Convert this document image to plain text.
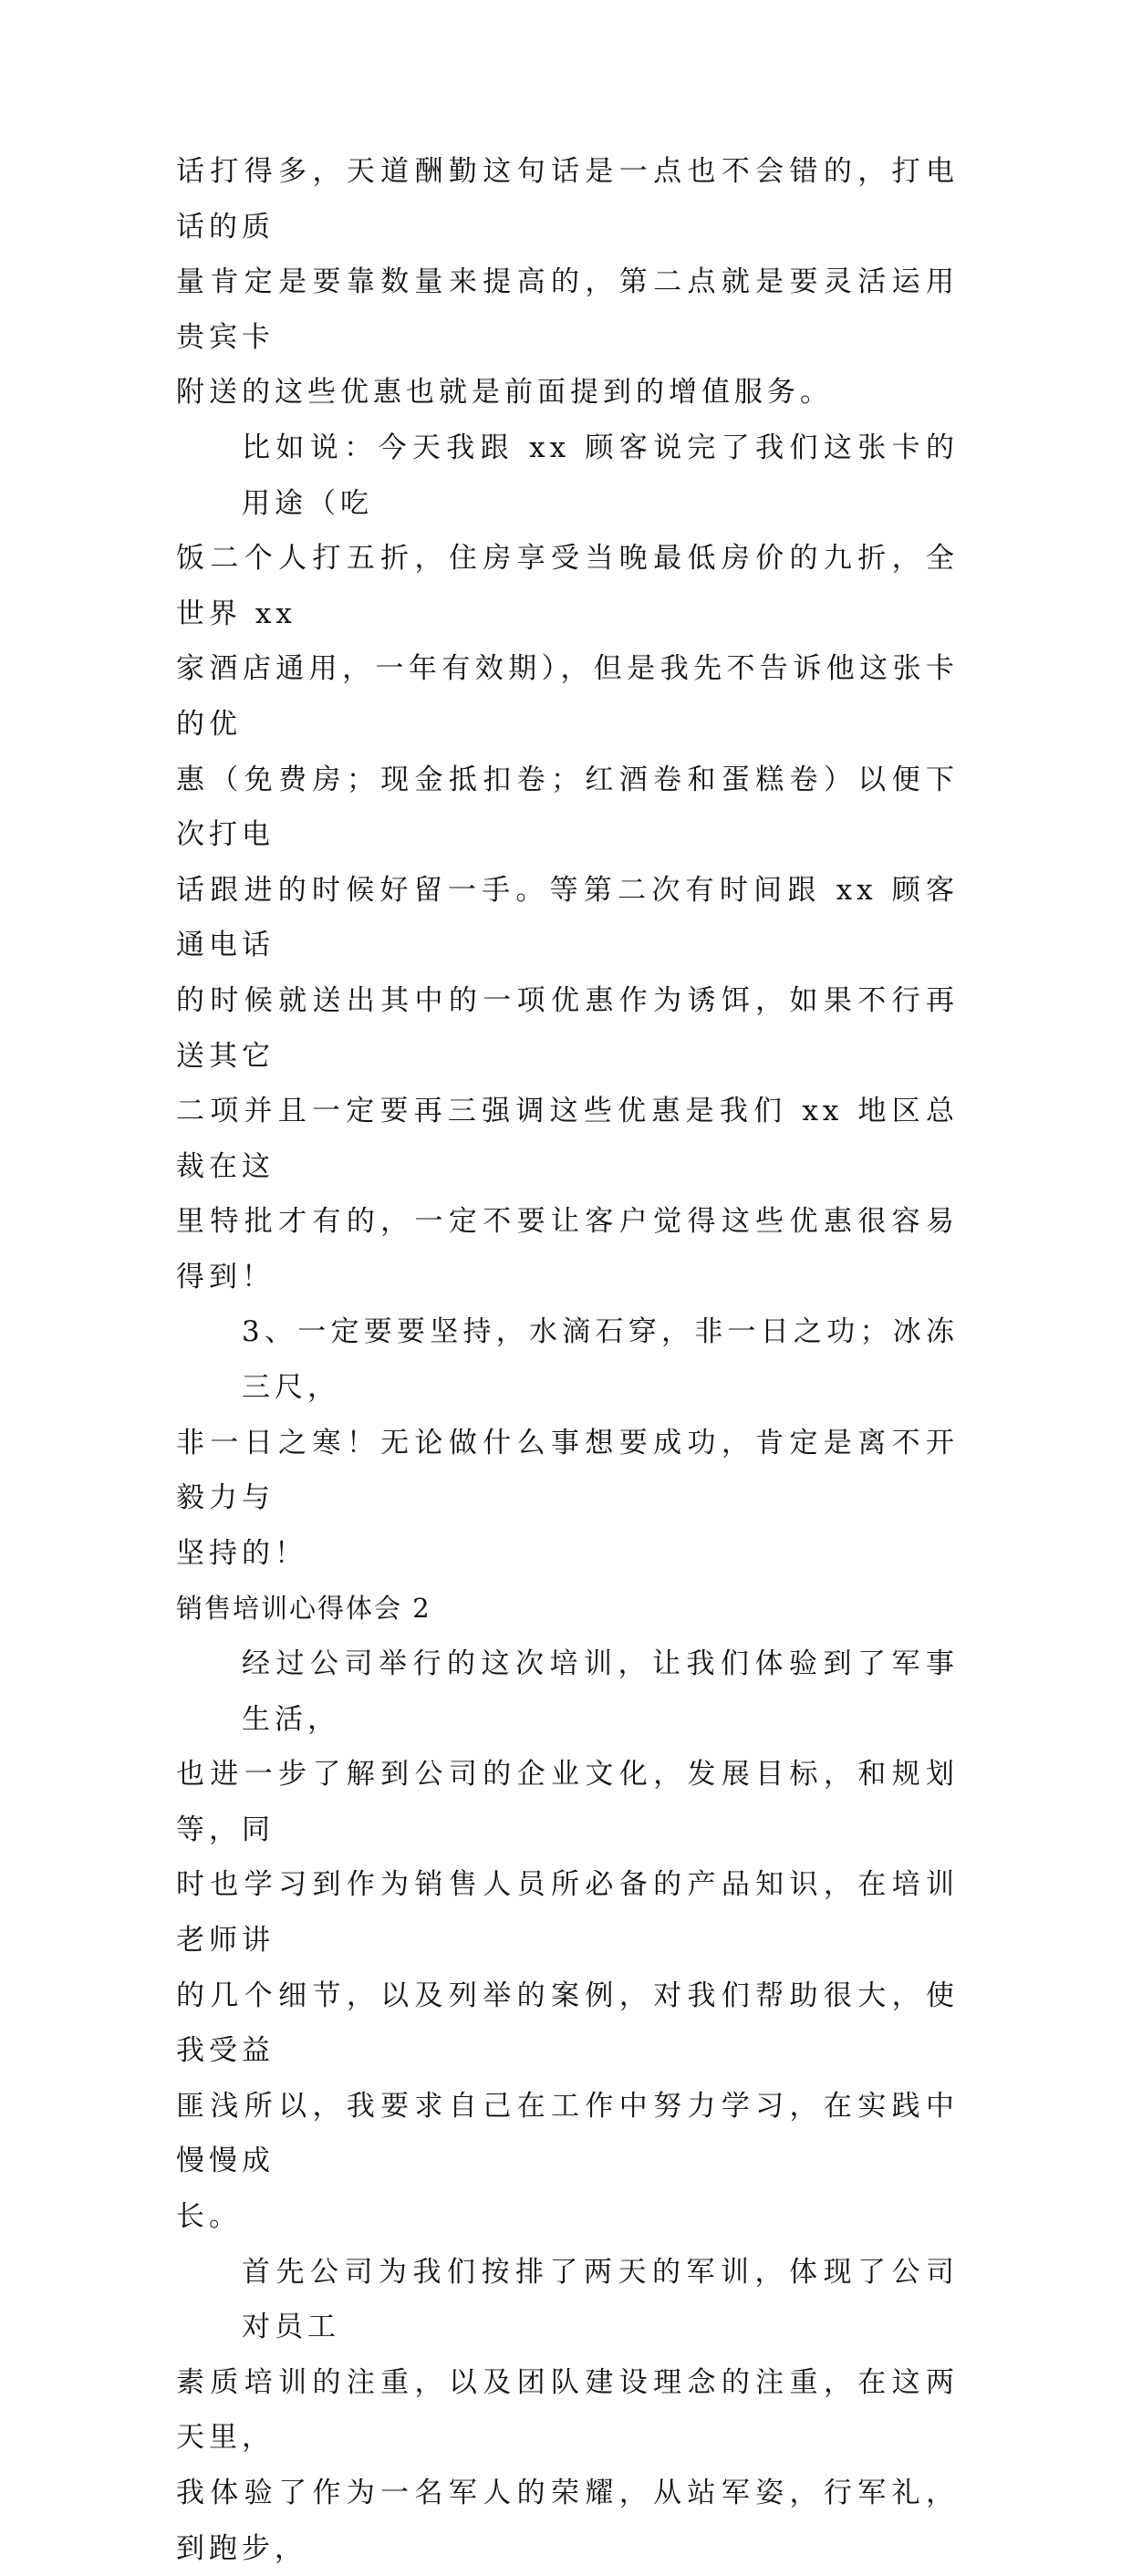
话打得多，天道酬勤这句话是一点也不会错的，打电话的质
量肯定是要靠数量来提高的，第二点就是要灵活运用贵宾卡
附送的这些优惠也就是前面提到的增值服务。

比如说：今天我跟 xx 顾客说完了我们这张卡的用途（吃
饭二个人打五折，住房享受当晚最低房价的九折，全世界 xx
家酒店通用，一年有效期），但是我先不告诉他这张卡的优
惠（免费房；现金抵扣卷；红酒卷和蛋糕卷）以便下次打电
话跟进的时候好留一手。等第二次有时间跟 xx 顾客通电话
的时候就送出其中的一项优惠作为诱饵，如果不行再送其它
二项并且一定要再三强调这些优惠是我们 xx 地区总裁在这
里特批才有的，一定不要让客户觉得这些优惠很容易得到！

3、一定要要坚持，水滴石穿，非一日之功；冰冻三尺，
非一日之寒！无论做什么事想要成功，肯定是离不开毅力与
坚持的！

销售培训心得体会 2

经过公司举行的这次培训，让我们体验到了军事生活，
也进一步了解到公司的企业文化，发展目标，和规划等，同
时也学习到作为销售人员所必备的产品知识，在培训老师讲
的几个细节，以及列举的案例，对我们帮助很大，使我受益
匪浅所以，我要求自己在工作中努力学习，在实践中慢慢成
长。

首先公司为我们按排了两天的军训，体现了公司对员工
素质培训的注重，以及团队建设理念的注重，在这两天里，
我体验了作为一名军人的荣耀，从站军姿，行军礼，到跑步，
